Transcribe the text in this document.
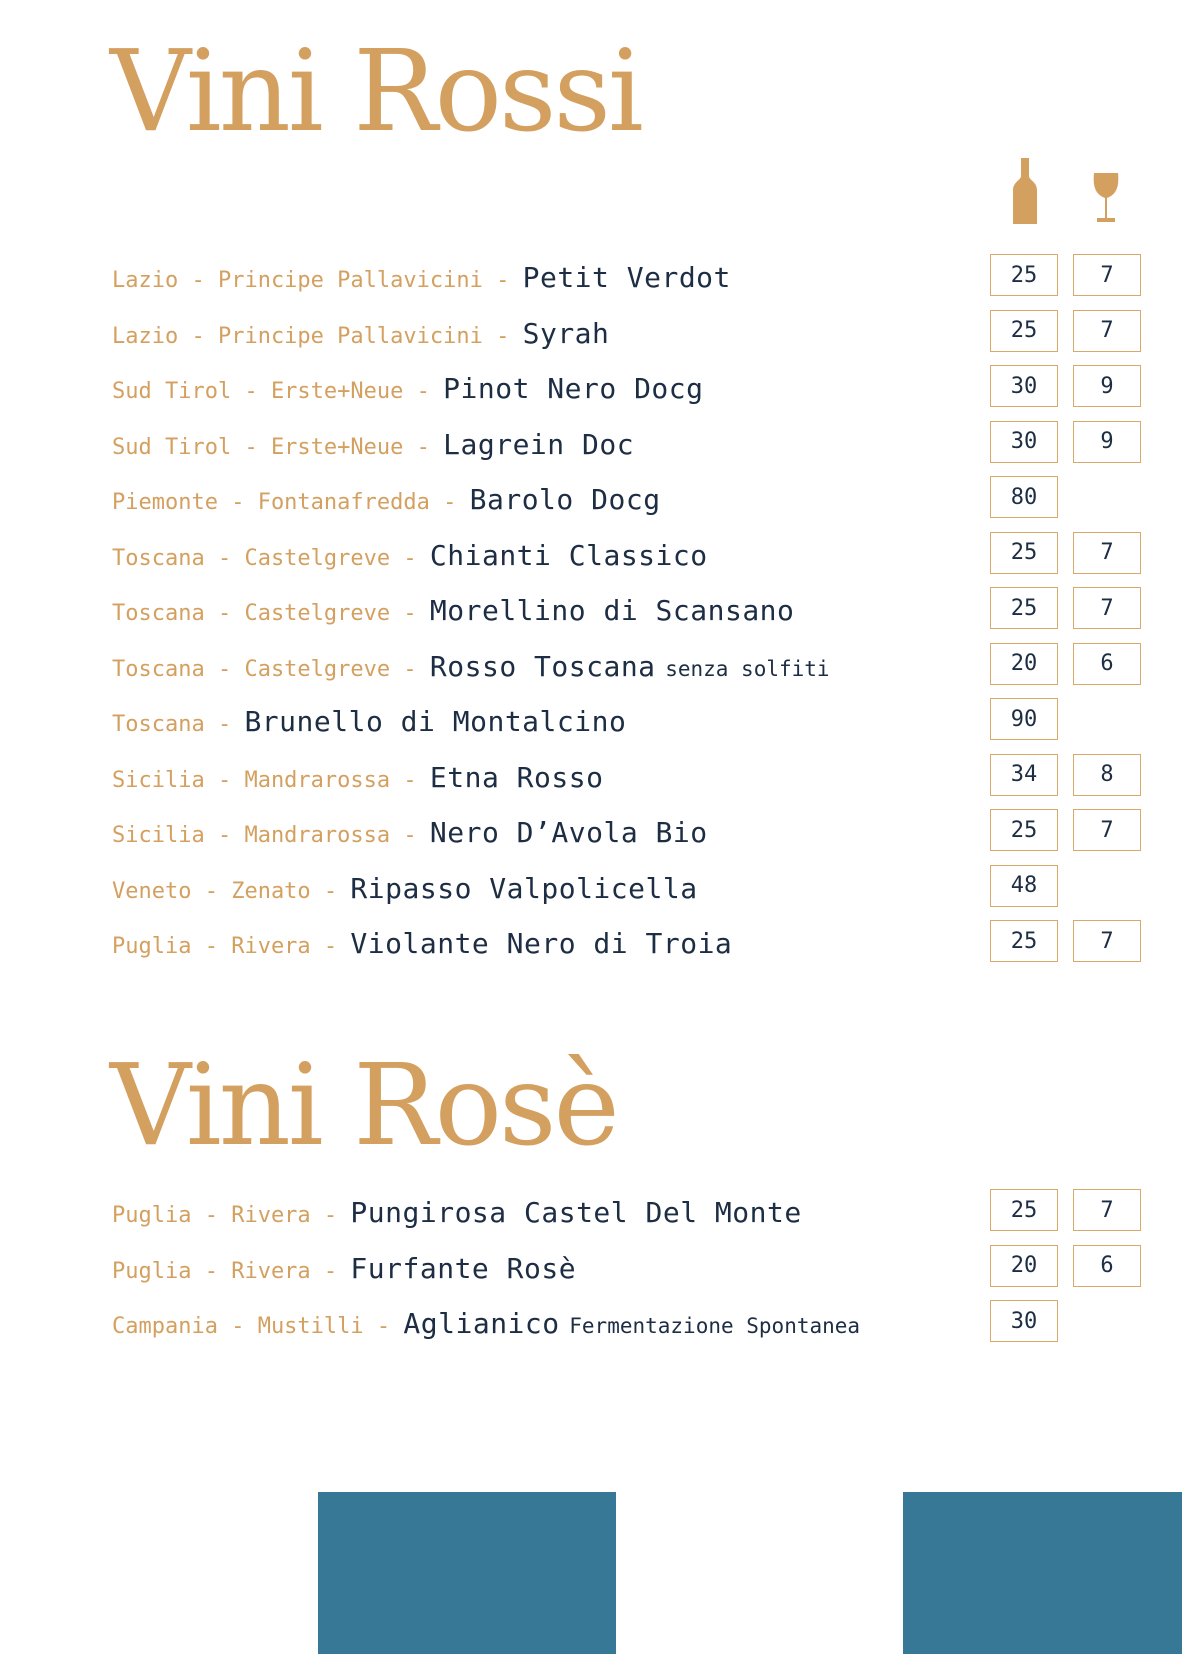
Vini Rossi
Lazio - Principe Pallavicini - Petit Verdot	25	7
Lazio - Principe Pallavicini - Syrah	25	7
Sud Tirol - Erste+Neue - Pinot Nero Docg	30	9
Sud Tirol - Erste+Neue - Lagrein Doc	30	9
Piemonte - Fontanafredda - Barolo Docg	80
Toscana - Castelgreve - Chianti Classico	25	7
Toscana - Castelgreve - Morellino di Scansano	25	7
Toscana - Castelgreve - Rosso Toscana senza solfiti	20	6
Toscana - Brunello di Montalcino	90
Sicilia - Mandrarossa - Etna Rosso	34	8
Sicilia - Mandrarossa - Nero D’Avola Bio	25	7
Veneto - Zenato - Ripasso Valpolicella	48
Puglia - Rivera - Violante Nero di Troia	25	7
Vini Rosè
Puglia - Rivera - Pungirosa Castel Del Monte	25	7
Puglia - Rivera - Furfante Rosè	20	6
Campania - Mustilli - Aglianico Fermentazione Spontanea	30
